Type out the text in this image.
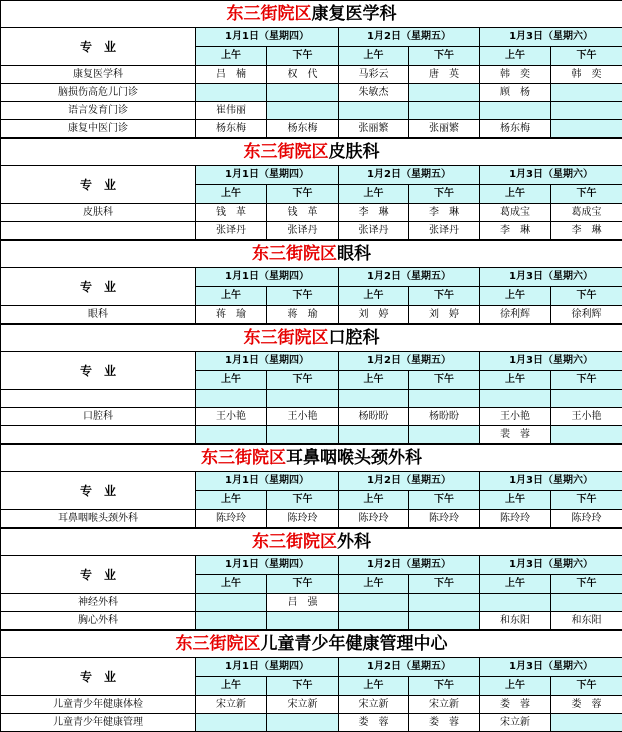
东三街院区康复医学科						
专　业	1月1日（星期四）		1月2日（星期五）		1月3日（星期六）	
	上午	下午	上午	下午	上午	下午
康复医学科	吕　楠	权　代	马彩云	唐　英	韩　奕	韩　奕
脑损伤高危儿门诊			朱敏杰		顾　杨	
语言发育门诊	崔伟丽					
康复中医门诊	杨东梅	杨东梅	张丽繁	张丽繁	杨东梅	
东三街院区皮肤科						
专　业	1月1日（星期四）		1月2日（星期五）		1月3日（星期六）	
	上午	下午	上午	下午	上午	下午
皮肤科	钱　革	钱　革	李　琳	李　琳	葛成宝	葛成宝
	张译丹	张译丹	张译丹	张译丹	李　琳	李　琳
东三街院区眼科						
专　业	1月1日（星期四）		1月2日（星期五）		1月3日（星期六）	
	上午	下午	上午	下午	上午	下午
眼科	蒋　瑜	蒋　瑜	刘　婷	刘　婷	徐利辉	徐利辉
东三街院区口腔科						
专　业	1月1日（星期四）		1月2日（星期五）		1月3日（星期六）	
	上午	下午	上午	下午	上午	下午

口腔科	王小艳	王小艳	杨盼盼	杨盼盼	王小艳	王小艳
					裴　蓉	
东三街院区耳鼻咽喉头颈外科						
专　业	1月1日（星期四）		1月2日（星期五）		1月3日（星期六）	
	上午	下午	上午	下午	上午	下午
耳鼻咽喉头颈外科	陈玲玲	陈玲玲	陈玲玲	陈玲玲	陈玲玲	陈玲玲
东三街院区外科						
专　业	1月1日（星期四）		1月2日（星期五）		1月3日（星期六）	
	上午	下午	上午	下午	上午	下午
神经外科		吕　强				
胸心外科					和东阳	和东阳
东三街院区儿童青少年健康管理中心						
专　业	1月1日（星期四）		1月2日（星期五）		1月3日（星期六）	
	上午	下午	上午	下午	上午	下午
儿童青少年健康体检	宋立新	宋立新	宋立新	宋立新	娄　蓉	娄　蓉
儿童青少年健康管理			娄　蓉	娄　蓉	宋立新	
